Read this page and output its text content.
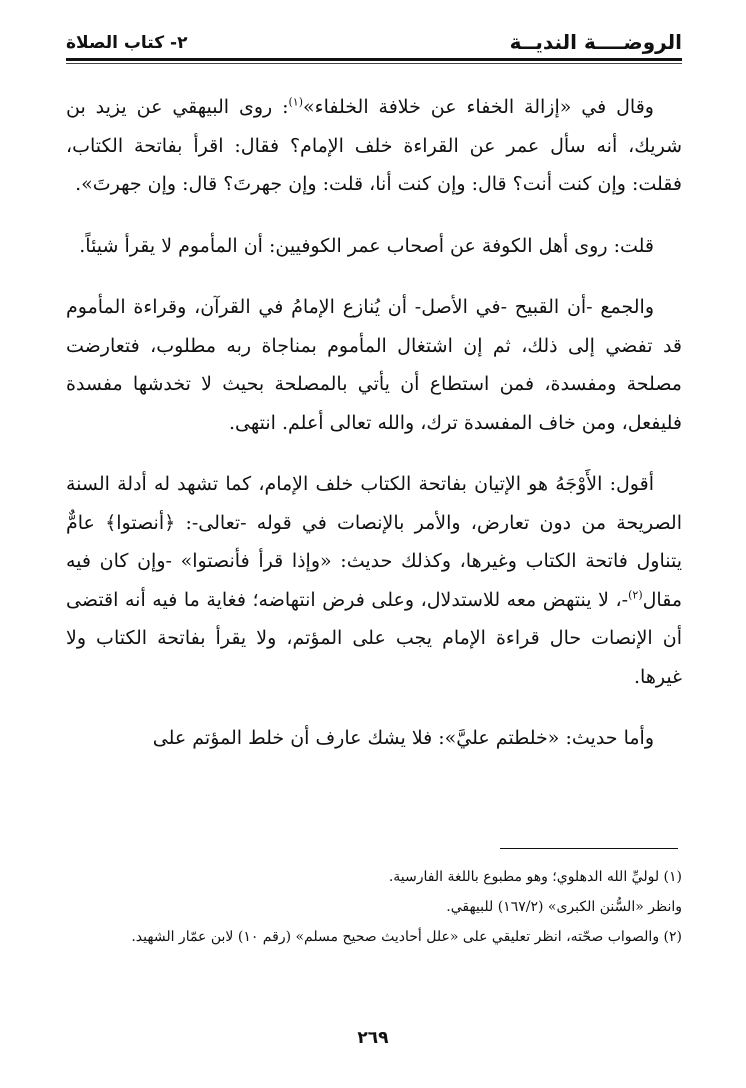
الروضــــة النديــة
٢- كتاب الصلاة

وقال في «إزالة الخفاء عن خلافة الخلفاء»$^{(١)}$: روى البيهقي عن يزيد بن شريك، أنه سأل عمر عن القراءة خلف الإمام؟ فقال: اقرأ بفاتحة الكتاب، فقلت: وإن كنت أنت؟ قال: وإن كنت أنا، قلت: وإن جهرتَ؟ قال: وإن جهرتَ».

قلت: روى أهل الكوفة عن أصحاب عمر الكوفيين: أن المأموم لا يقرأ شيئاً.

والجمع -أن القبيح -في الأصل- أن يُنازع الإمامُ في القرآن، وقراءة المأموم قد تفضي إلى ذلك، ثم إن اشتغال المأموم بمناجاة ربه مطلوب، فتعارضت مصلحة ومفسدة، فمن استطاع أن يأتي بالمصلحة بحيث لا تخدشها مفسدة فليفعل، ومن خاف المفسدة ترك، والله تعالى أعلم. انتهى.

أقول: الأَوْجَهُ هو الإتيان بفاتحة الكتاب خلف الإمام، كما تشهد له أدلة السنة الصريحة من دون تعارض، والأمر بالإنصات في قوله -تعالى-: ﴿أنصتوا﴾ عامٌّ يتناول فاتحة الكتاب وغيرها، وكذلك حديث: «وإذا قرأ فأنصتوا» -وإن كان فيه مقال$^{(٢)}$-، لا ينتهض معه للاستدلال، وعلى فرض انتهاضه؛ فغاية ما فيه أنه اقتضى أن الإنصات حال قراءة الإمام يجب على المؤتم، ولا يقرأ بفاتحة الكتاب ولا غيرها.

وأما حديث: «خلطتم عليَّ»: فلا يشك عارف أن خلط المؤتم على

(١) لوليِّ الله الدهلوي؛ وهو مطبوع باللغة الفارسية.

وانظر «السُّنن الكبرى» (١٦٧/٢) للبيهقي.

(٢) والصواب صحّته، انظر تعليقي على «علل أحاديث صحيح مسلم» (رقم ١٠) لابن عمّار الشهيد.

٢٦٩
